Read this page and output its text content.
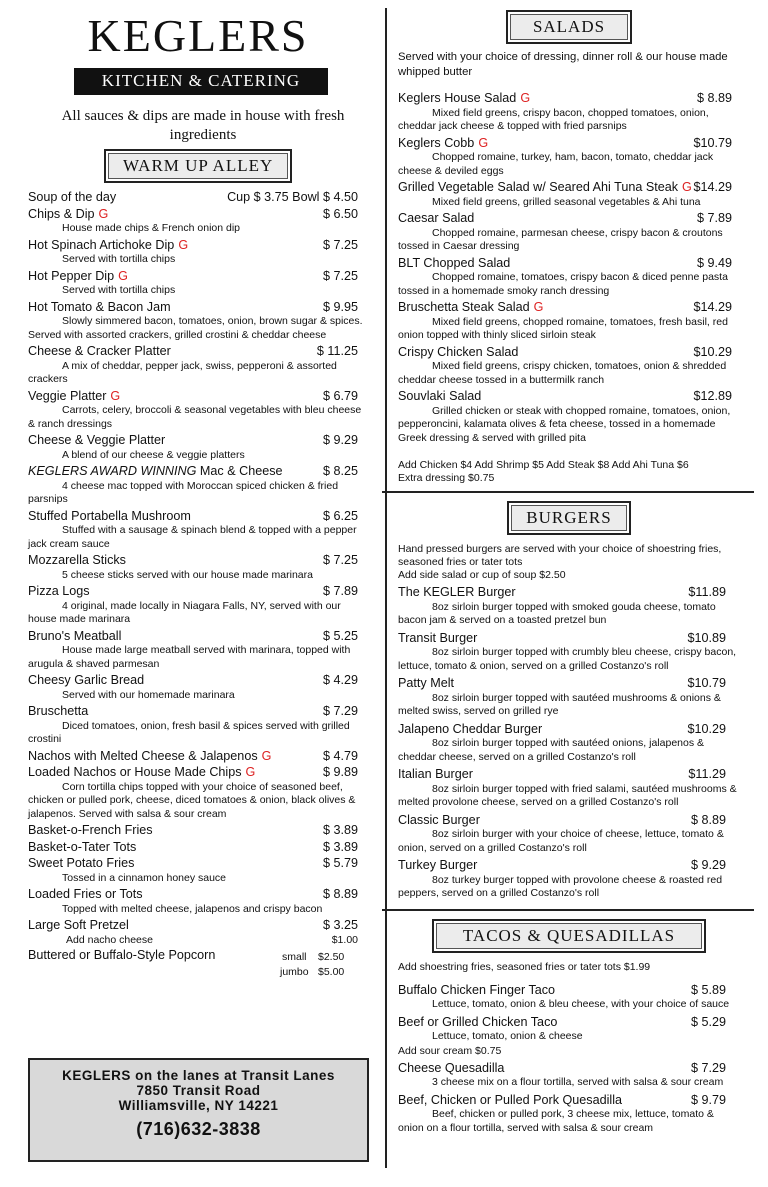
KEGLERS
KITCHEN & CATERING
All sauces & dips are made in house with fresh ingredients
WARM UP ALLEY
Soup of the day	Cup $ 3.75 Bowl $ 4.50
Chips & Dip G	$ 6.50
House made chips & French onion dip
Hot Spinach Artichoke Dip G	$ 7.25
Served with tortilla chips
Hot Pepper Dip G	$ 7.25
Served with tortilla chips
Hot Tomato & Bacon Jam	$ 9.95
Slowly simmered bacon, tomatoes, onion, brown sugar & spices. Served with assorted crackers, grilled crostini & cheddar cheese
Cheese & Cracker Platter	$ 11.25
A mix of cheddar, pepper jack, swiss, pepperoni & assorted crackers
Veggie Platter G	$ 6.79
Carrots, celery, broccoli & seasonal vegetables with bleu cheese & ranch dressings
Cheese & Veggie Platter	$ 9.29
A blend of our cheese & veggie platters
KEGLERS AWARD WINNING Mac & Cheese	$ 8.25
4 cheese mac topped with Moroccan spiced chicken & fried parsnips
Stuffed Portabella Mushroom	$ 6.25
Stuffed with a sausage & spinach blend & topped with a pepper jack cream sauce
Mozzarella Sticks	$ 7.25
5 cheese sticks served with our house made marinara
Pizza Logs	$ 7.89
4 original, made locally in Niagara Falls, NY, served with our house made marinara
Bruno's Meatball	$ 5.25
House made large meatball served with marinara, topped with arugula & shaved parmesan
Cheesy Garlic Bread	$ 4.29
Served with our homemade marinara
Bruschetta	$ 7.29
Diced tomatoes, onion, fresh basil & spices served with grilled crostini
Nachos with Melted Cheese & Jalapenos G	$ 4.79
Loaded Nachos or House Made Chips G	$ 9.89
Corn tortilla chips topped with your choice of seasoned beef, chicken or pulled pork, cheese, diced tomatoes & onion, black olives & jalapenos. Served with salsa & sour cream
Basket-o-French Fries	$ 3.89
Basket-o-Tater Tots	$ 3.89
Sweet Potato Fries	$ 5.79
Tossed in a cinnamon honey sauce
Loaded Fries or Tots	$ 8.89
Topped with melted cheese, jalapenos and crispy bacon
Large Soft Pretzel	$ 3.25
Add nacho cheese	$1.00
Buttered or Buffalo-Style Popcorn	small $2.50
jumbo $5.00
KEGLERS on the lanes at Transit Lanes
7850 Transit Road
Williamsville, NY 14221
(716)632-3838
SALADS
Served with your choice of dressing, dinner roll & our house made whipped butter
Keglers House Salad G	$ 8.89
Mixed field greens, crispy bacon, chopped tomatoes, onion, cheddar jack cheese & topped with fried parsnips
Keglers Cobb G	$10.79
Chopped romaine, turkey, ham, bacon, tomato, cheddar jack cheese & deviled eggs
Grilled Vegetable Salad w/ Seared Ahi Tuna Steak G $14.29
Mixed field greens, grilled seasonal vegetables & Ahi tuna
Caesar Salad	$ 7.89
Chopped romaine, parmesan cheese, crispy bacon & croutons tossed in Caesar dressing
BLT Chopped Salad	$ 9.49
Chopped romaine, tomatoes, crispy bacon & diced penne pasta tossed in a homemade smoky ranch dressing
Bruschetta Steak Salad G	$14.29
Mixed field greens, chopped romaine, tomatoes, fresh basil, red onion topped with thinly sliced sirloin steak
Crispy Chicken Salad	$10.29
Mixed field greens, crispy chicken, tomatoes, onion & shredded cheddar cheese tossed in a buttermilk ranch
Souvlaki Salad	$12.89
Grilled chicken or steak with chopped romaine, tomatoes, onion, pepperoncini, kalamata olives & feta cheese, tossed in a homemade Greek dressing & served with grilled pita
Add Chicken $4 Add Shrimp $5 Add Steak $8 Add Ahi Tuna $6
Extra dressing $0.75
BURGERS
Hand pressed burgers are served with your choice of shoestring fries, seasoned fries or tater tots
Add side salad or cup of soup $2.50
The KEGLER Burger	$11.89
8oz sirloin burger topped with smoked gouda cheese, tomato bacon jam & served on a toasted pretzel bun
Transit Burger	$10.89
8oz sirloin burger topped with crumbly bleu cheese, crispy bacon, lettuce, tomato & onion, served on a grilled Costanzo's roll
Patty Melt	$10.79
8oz sirloin burger topped with sautéed mushrooms & onions & melted swiss, served on grilled rye
Jalapeno Cheddar Burger	$10.29
8oz sirloin burger topped with sautéed onions, jalapenos & cheddar cheese, served on a grilled Costanzo's roll
Italian Burger	$11.29
8oz sirloin burger topped with fried salami, sautéed mushrooms & melted provolone cheese, served on a grilled Costanzo's roll
Classic Burger	$ 8.89
8oz sirloin burger with your choice of cheese, lettuce, tomato & onion, served on a grilled Costanzo's roll
Turkey Burger	$ 9.29
8oz turkey burger topped with provolone cheese & roasted red peppers, served on a grilled Costanzo's roll
TACOS & QUESADILLAS
Add shoestring fries, seasoned fries or tater tots $1.99
Buffalo Chicken Finger Taco	$ 5.89
Lettuce, tomato, onion & bleu cheese, with your choice of sauce
Beef or Grilled Chicken Taco	$ 5.29
Lettuce, tomato, onion & cheese
Add sour cream $0.75
Cheese Quesadilla	$ 7.29
3 cheese mix on a flour tortilla, served with salsa & sour cream
Beef, Chicken or Pulled Pork Quesadilla	$ 9.79
Beef, chicken or pulled pork, 3 cheese mix, lettuce, tomato & onion on a flour tortilla, served with salsa & sour cream
